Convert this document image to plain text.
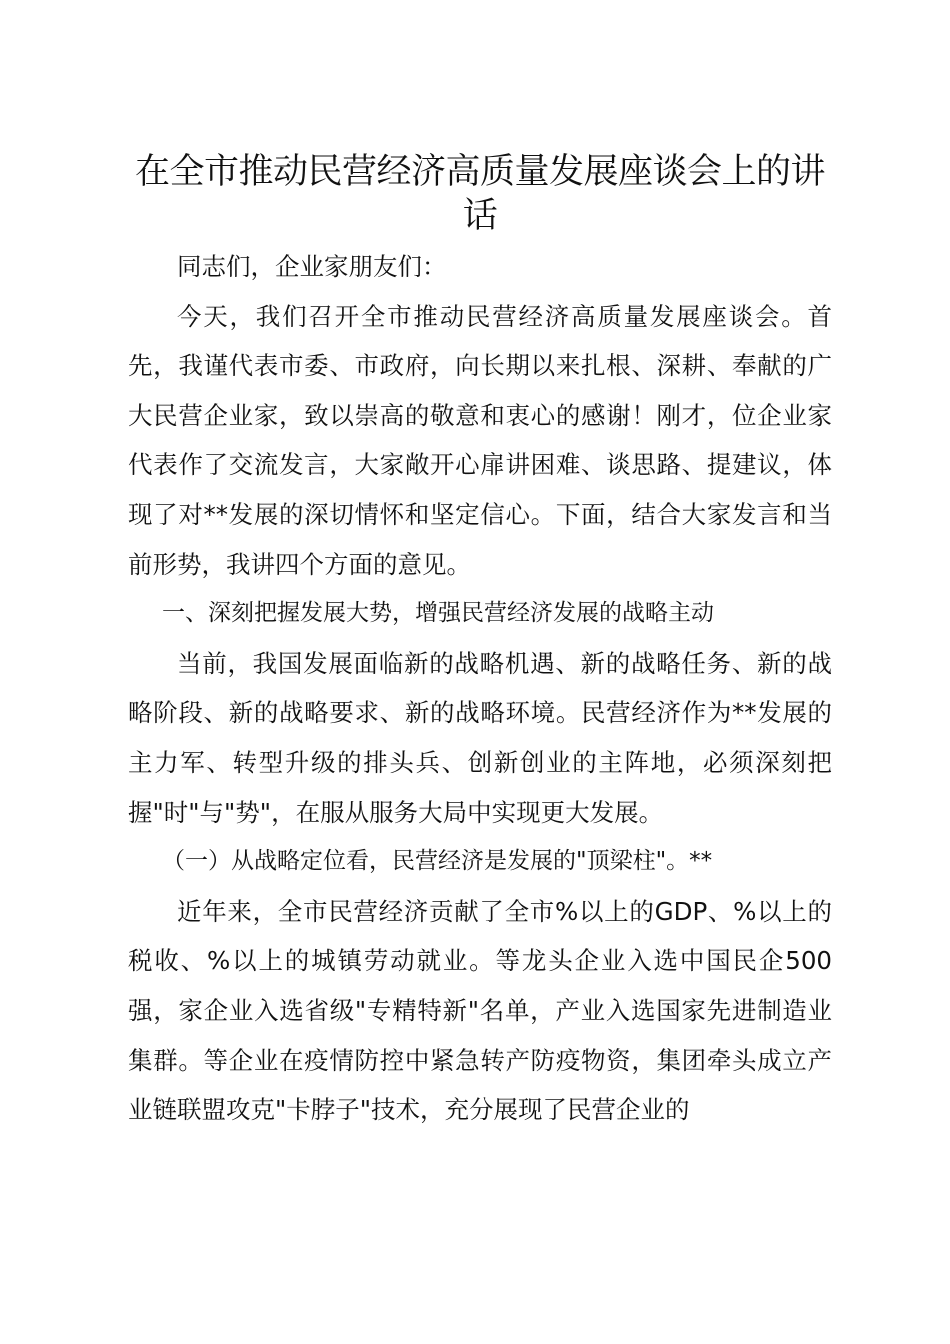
在全市推动民营经济高质量发展座谈会上的讲话

同志们，企业家朋友们：

今天，我们召开全市推动民营经济高质量发展座谈会。首先，我谨代表市委、市政府，向长期以来扎根、深耕、奉献的广大民营企业家，致以崇高的敬意和衷心的感谢！刚才，位企业家代表作了交流发言，大家敞开心扉讲困难、谈思路、提建议，体现了对**发展的深切情怀和坚定信心。下面，结合大家发言和当前形势，我讲四个方面的意见。

一、深刻把握发展大势，增强民营经济发展的战略主动

当前，我国发展面临新的战略机遇、新的战略任务、新的战略阶段、新的战略要求、新的战略环境。民营经济作为**发展的主力军、转型升级的排头兵、创新创业的主阵地，必须深刻把握"时"与"势"，在服从服务大局中实现更大发展。

（一）从战略定位看，民营经济是发展的"顶梁柱"。**

近年来，全市民营经济贡献了全市%以上的GDP、%以上的税收、%以上的城镇劳动就业。等龙头企业入选中国民企500强，家企业入选省级"专精特新"名单，产业入选国家先进制造业集群。等企业在疫情防控中紧急转产防疫物资，集团牵头成立产业链联盟攻克"卡脖子"技术，充分展现了民营企业的
